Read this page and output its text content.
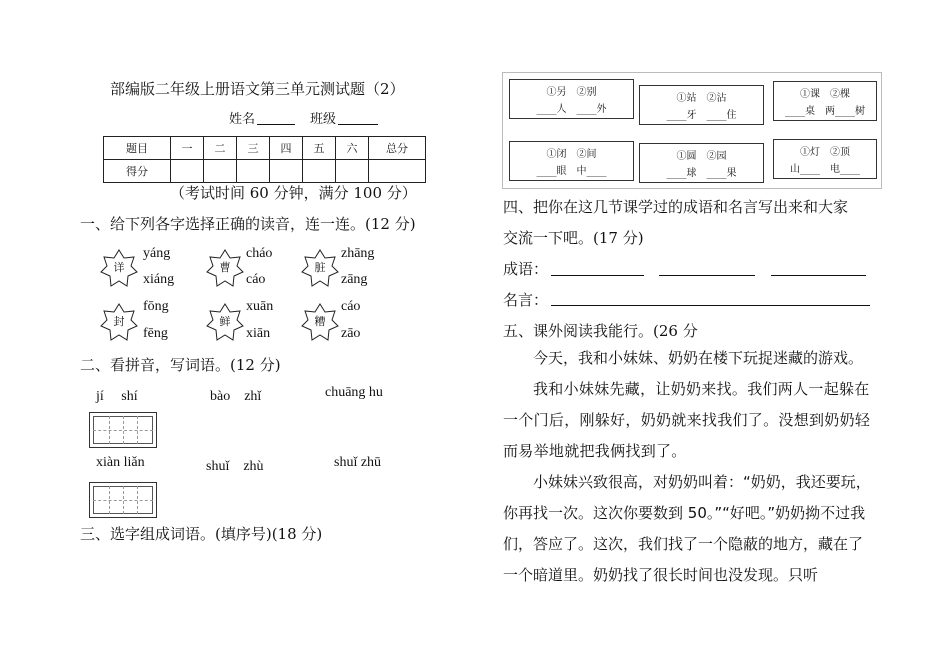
部编版二年级上册语文第三单元测试题（2）
姓名	班级
题目	一	二	三	四	五	六	总分
得分							
（考试时间 60 分钟，满分 100 分）
一、给下列各字选择正确的读音，连一连。(12 分)
详
yáng
xiáng
曹
cháo
cáo
脏
zhāng
zāng
封
fōng
fēng
鲜
xuān
xiān
糟
cáo
zāo
二、看拼音，写词语。(12 分)
jí　 shí	bào　zhǐ	chuāng hu
xiàn liǎn	shuǐ　zhù	shuǐ zhū
三、选字组成词语。(填序号)(18 分)
①另　②别
____人　____外
①站　②沾
____牙　____住
①课　②棵
____桌　两____树
①闭　②间
____眼　中____
①圆　②园
____球　____果
①灯　②顶
山____　电____
四、把你在这几节课学过的成语和名言写出来和大家
交流一下吧。(17 分)
成语：
名言：
五、课外阅读我能行。(26 分
今天，我和小妹妹、奶奶在楼下玩捉迷藏的游戏。
我和小妹妹先藏，让奶奶来找。我们两人一起躲在一个门后，刚躲好，奶奶就来找我们了。没想到奶奶轻而易举地就把我俩找到了。
小妹妹兴致很高，对奶奶叫着：“奶奶，我还要玩，你再找一次。这次你要数到 50。”“好吧。”奶奶拗不过我们，答应了。这次，我们找了一个隐蔽的地方，藏在了一个暗道里。奶奶找了很长时间也没发现。只听
